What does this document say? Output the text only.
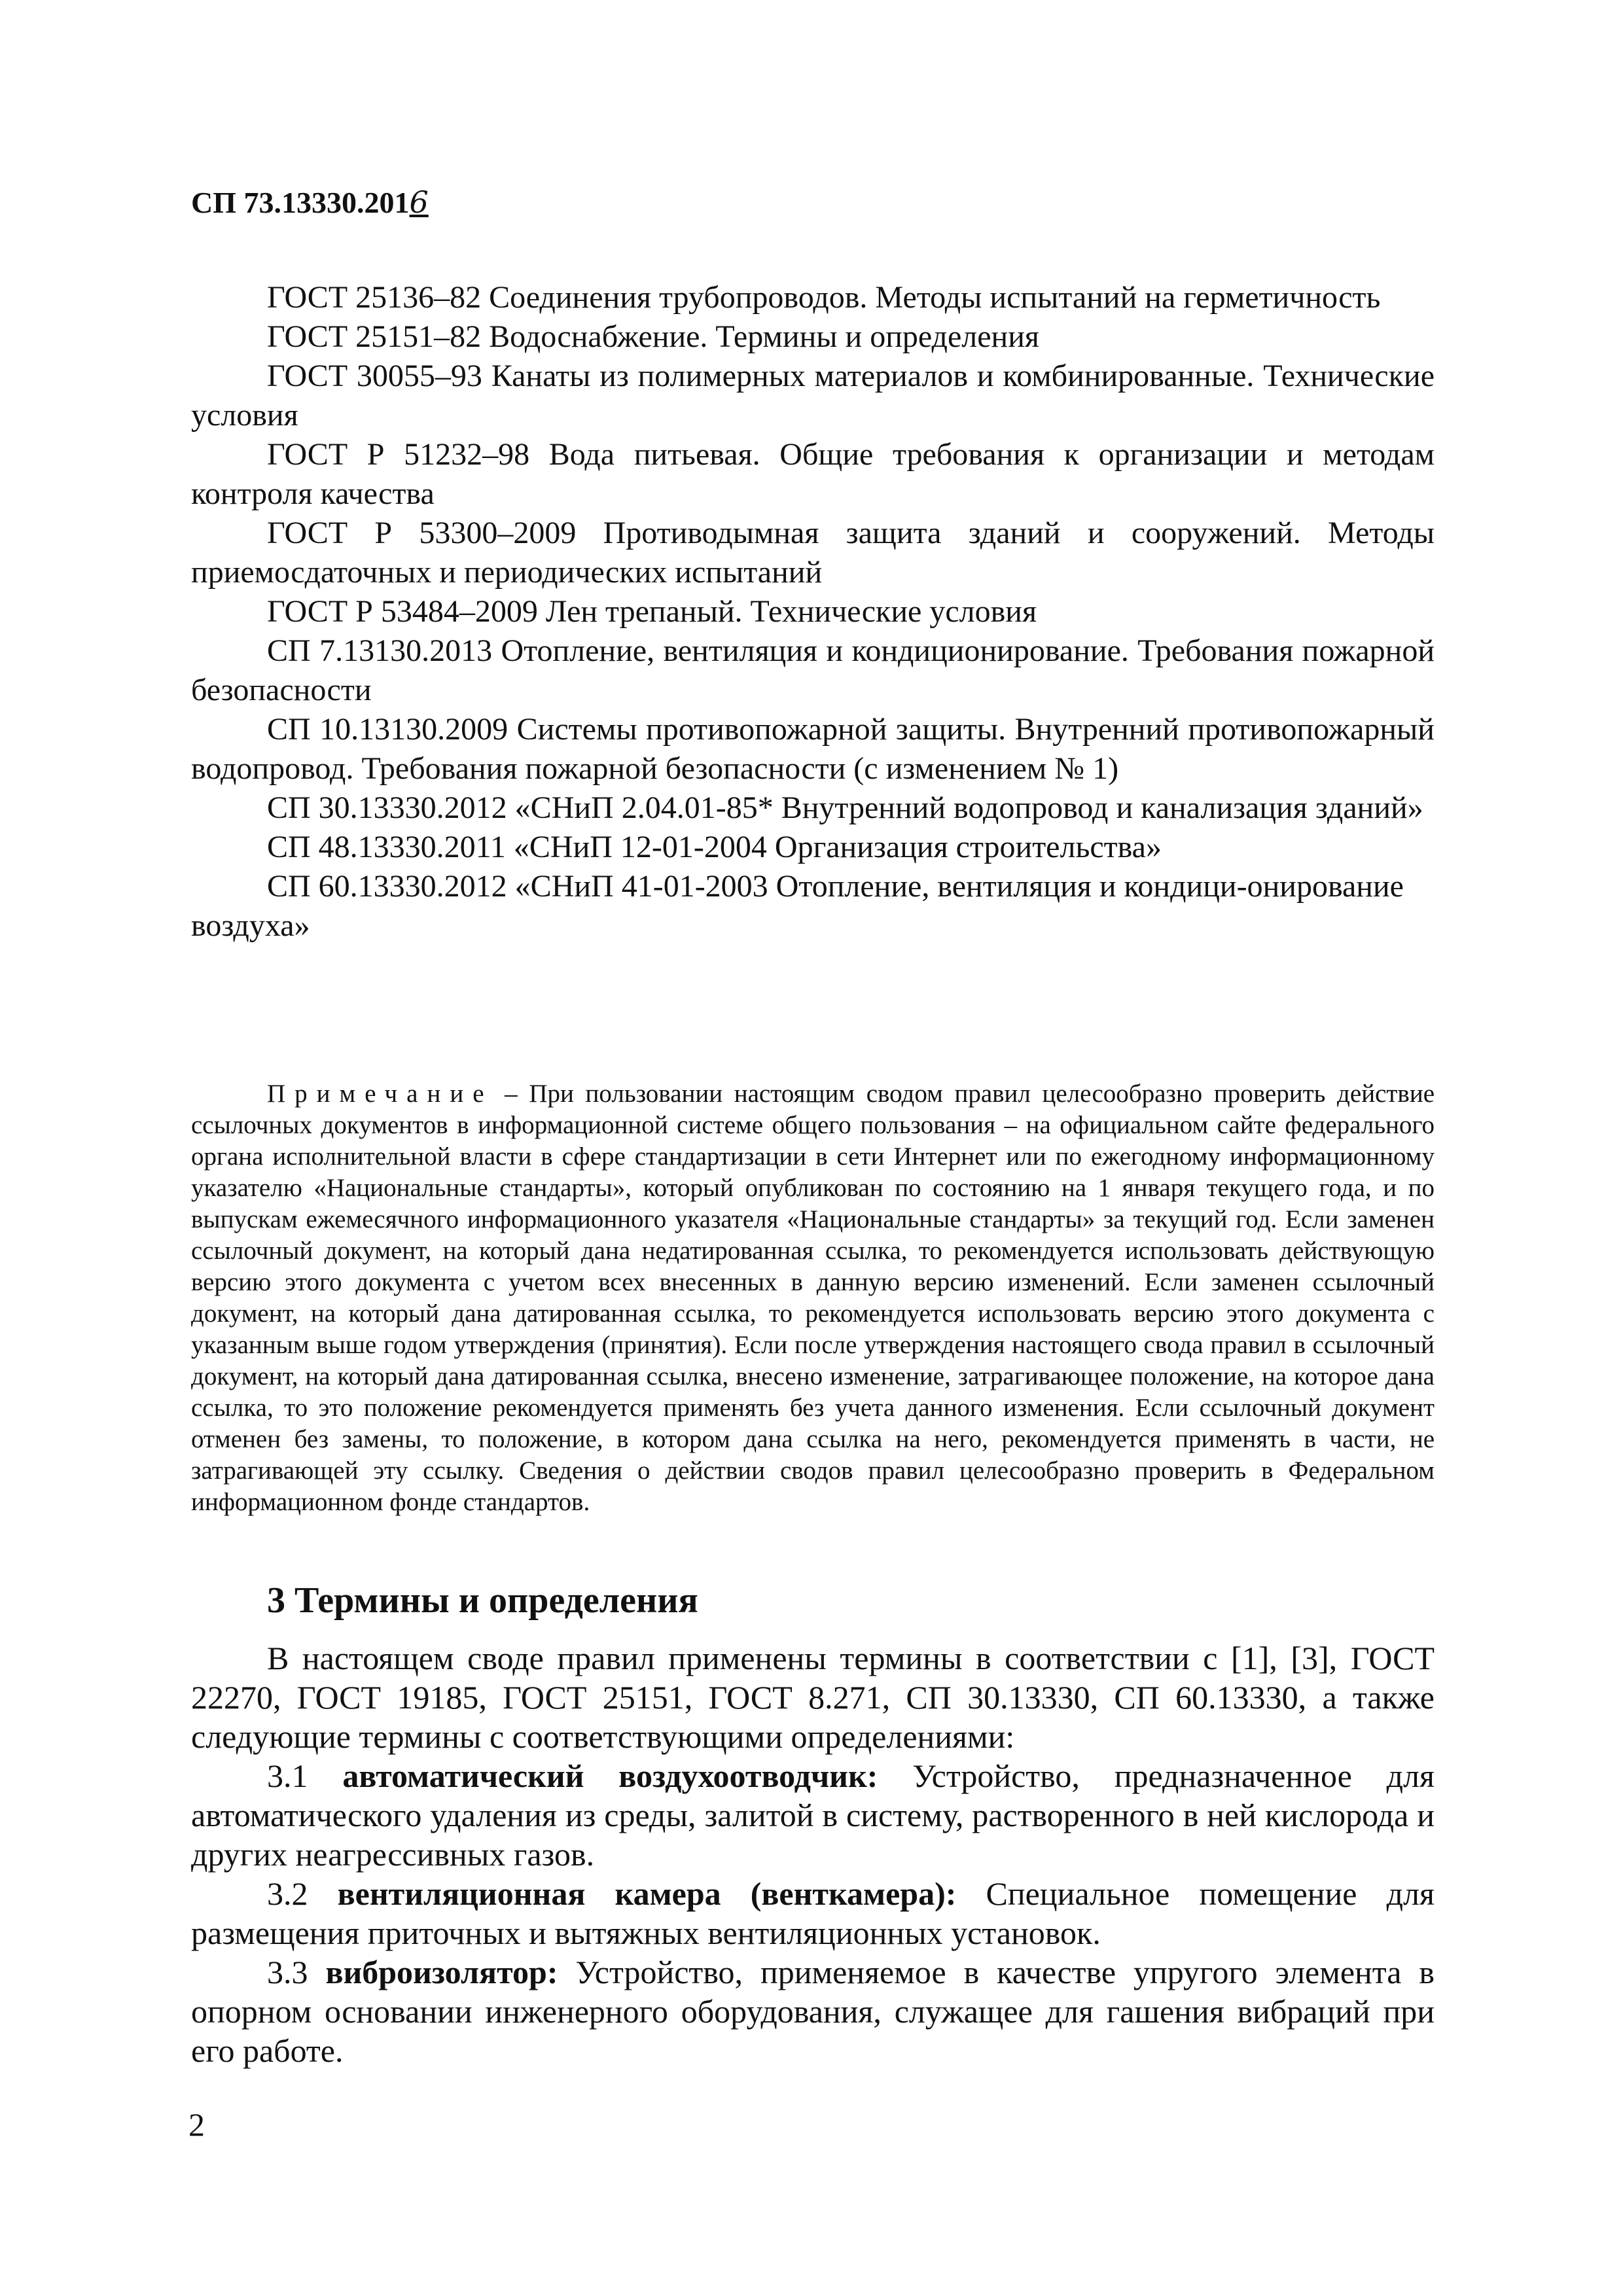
СП 73.13330.2016

ГОСТ 25136–82 Соединения трубопроводов. Методы испытаний на герметичность

ГОСТ 25151–82 Водоснабжение. Термины и определения

ГОСТ 30055–93 Канаты из полимерных материалов и комбинированные. Технические условия

ГОСТ Р 51232–98 Вода питьевая. Общие требования к организации и методам контроля качества

ГОСТ Р 53300–2009 Противодымная защита зданий и сооружений. Методы приемосдаточных и периодических испытаний

ГОСТ Р 53484–2009 Лен трепаный. Технические условия

СП 7.13130.2013 Отопление, вентиляция и кондиционирование. Требования пожарной безопасности

СП 10.13130.2009 Системы противопожарной защиты. Внутренний противопожарный водопровод. Требования пожарной безопасности (с изменением № 1)

СП 30.13330.2012 «СНиП 2.04.01-85* Внутренний водопровод и канализация зданий»

СП 48.13330.2011 «СНиП 12-01-2004 Организация строительства»

СП 60.13330.2012 «СНиП 41-01-2003 Отопление, вентиляция и кондици-онирование воздуха»

Примечание – При пользовании настоящим сводом правил целесообразно проверить действие ссылочных документов в информационной системе общего пользования – на официальном сайте федерального органа исполнительной власти в сфере стандартизации в сети Интернет или по ежегодному информационному указателю «Национальные стандарты», который опубликован по состоянию на 1 января текущего года, и по выпускам ежемесячного информационного указателя «Национальные стандарты» за текущий год. Если заменен ссылочный документ, на который дана недатированная ссылка, то рекомендуется использовать действующую версию этого документа с учетом всех внесенных в данную версию изменений. Если заменен ссылочный документ, на который дана датированная ссылка, то рекомендуется использовать версию этого документа с указанным выше годом утверждения (принятия). Если после утверждения настоящего свода правил в ссылочный документ, на который дана датированная ссылка, внесено изменение, затрагивающее положение, на которое дана ссылка, то это положение рекомендуется применять без учета данного изменения. Если ссылочный документ отменен без замены, то положение, в котором дана ссылка на него, рекомендуется применять в части, не затрагивающей эту ссылку. Сведения о действии сводов правил целесообразно проверить в Федеральном информационном фонде стандартов.

3 Термины и определения

В настоящем своде правил применены термины в соответствии с [1], [3], ГОСТ 22270, ГОСТ 19185, ГОСТ 25151, ГОСТ 8.271, СП 30.13330, СП 60.13330, а также следующие термины с соответствующими определениями:

3.1 автоматический воздухоотводчик: Устройство, предназначенное для автоматического удаления из среды, залитой в систему, растворенного в ней кислорода и других неагрессивных газов.

3.2 вентиляционная камера (венткамера): Специальное помещение для размещения приточных и вытяжных вентиляционных установок.

3.3 виброизолятор: Устройство, применяемое в качестве упругого элемента в опорном основании инженерного оборудования, служащее для гашения вибраций при его работе.

2
